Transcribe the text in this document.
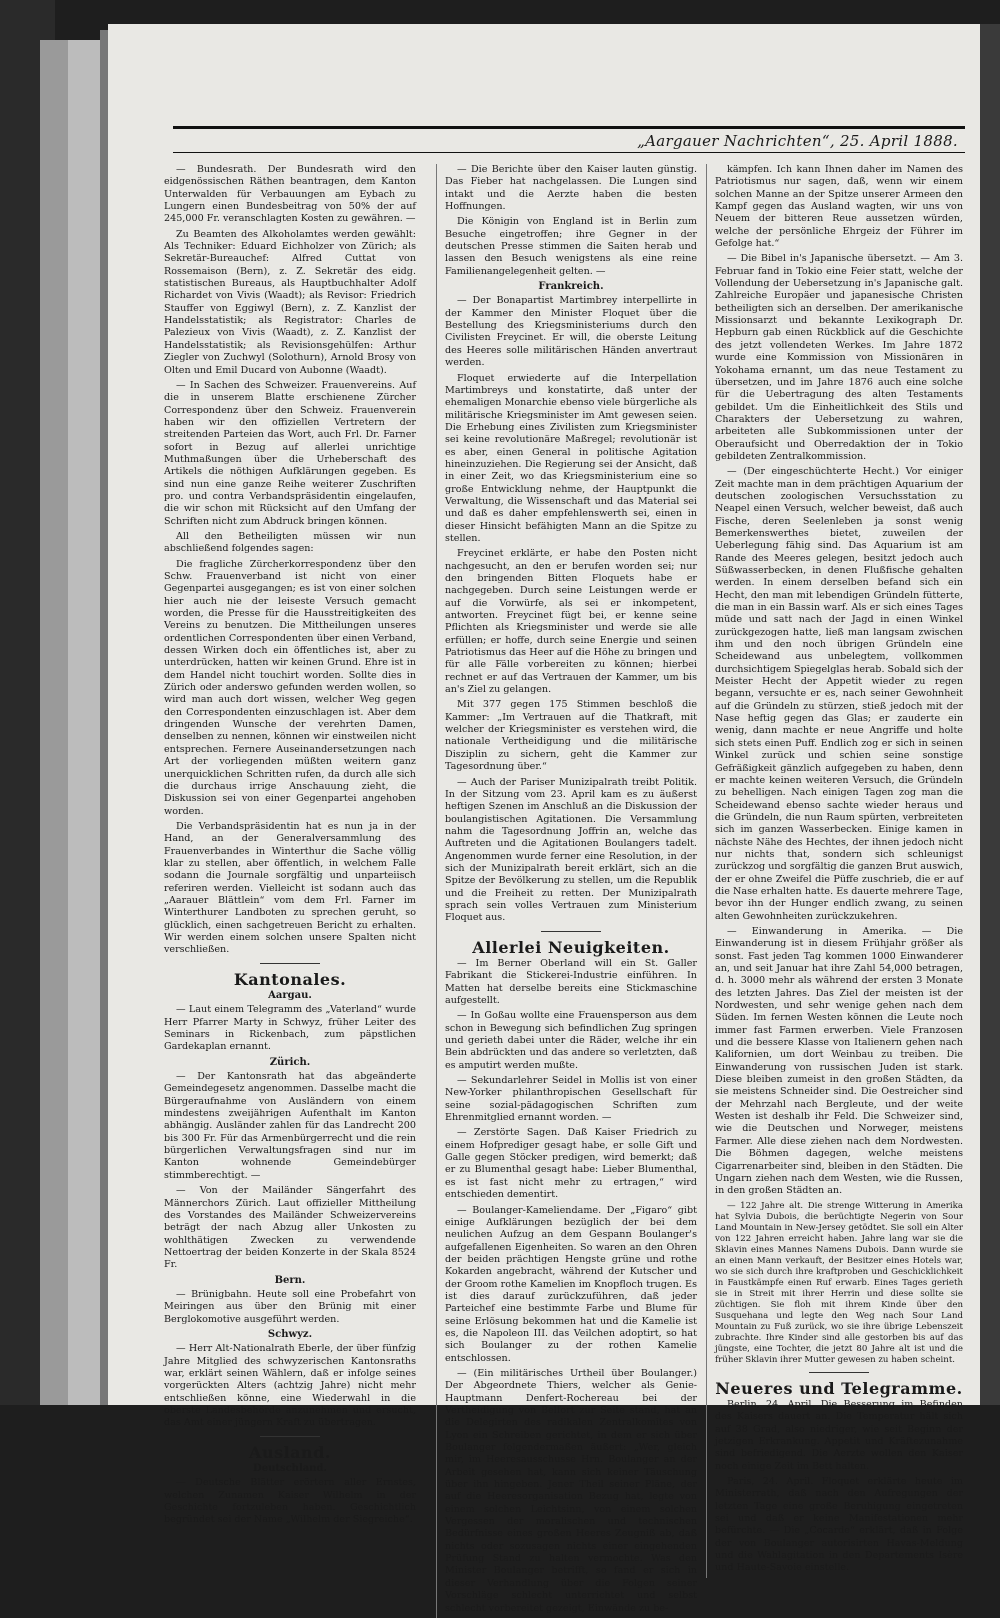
„Aargauer Nachrichten“, 25. April 1888.

— Bundesrath. Der Bundesrath wird den eidgenössischen Räthen beantragen, dem Kanton Unterwalden für Verbauungen am Eybach zu Lungern einen Bundesbeitrag von 50% der auf 245,000 Fr. veranschlagten Kosten zu gewähren. —

Zu Beamten des Alkoholamtes werden gewählt: Als Techniker: Eduard Eichholzer von Zürich; als Sekretär-Bureauchef: Alfred Cuttat von Rossemaison (Bern), z. Z. Sekretär des eidg. statistischen Bureaus, als Hauptbuchhalter Adolf Richardet von Vivis (Waadt); als Revisor: Friedrich Stauffer von Eggiwyl (Bern), z. Z. Kanzlist der Handelsstatistik; als Registrator: Charles de Palezieux von Vivis (Waadt), z. Z. Kanzlist der Handelsstatistik; als Revisionsgehülfen: Arthur Ziegler von Zuchwyl (Solothurn), Arnold Brosy von Olten und Emil Ducard von Aubonne (Waadt).

— In Sachen des Schweizer. Frauenvereins. Auf die in unserem Blatte erschienene Zürcher Correspondenz über den Schweiz. Frauenverein haben wir den offiziellen Vertretern der streitenden Parteien das Wort, auch Frl. Dr. Farner sofort in Bezug auf allerlei unrichtige Muthmaßungen über die Urheberschaft des Artikels die nöthigen Aufklärungen gegeben. Es sind nun eine ganze Reihe weiterer Zuschriften pro. und contra Verbandspräsidentin eingelaufen, die wir schon mit Rücksicht auf den Umfang der Schriften nicht zum Abdruck bringen können.

All den Betheiligten müssen wir nun abschließend folgendes sagen:

Die fragliche Zürcherkorrespondenz über den Schw. Frauenverband ist nicht von einer Gegenpartei ausgegangen; es ist von einer solchen hier auch nie der leiseste Versuch gemacht worden, die Presse für die Hausstreitigkeiten des Vereins zu benutzen. Die Mittheilungen unseres ordentlichen Correspondenten über einen Verband, dessen Wirken doch ein öffentliches ist, aber zu unterdrücken, hatten wir keinen Grund. Ehre ist in dem Handel nicht touchirt worden. Sollte dies in Zürich oder anderswo gefunden werden wollen, so wird man auch dort wissen, welcher Weg gegen den Correspondenten einzuschlagen ist. Aber dem dringenden Wunsche der verehrten Damen, denselben zu nennen, können wir einstweilen nicht entsprechen. Fernere Auseinandersetzungen nach Art der vorliegenden müßten weitern ganz unerquicklichen Schritten rufen, da durch alle sich die durchaus irrige Anschauung zieht, die Diskussion sei von einer Gegenpartei angehoben worden.

Die Verbandspräsidentin hat es nun ja in der Hand, an der Generalversammlung des Frauenverbandes in Winterthur die Sache völlig klar zu stellen, aber öffentlich, in welchem Falle sodann die Journale sorgfältig und unparteiisch referiren werden. Vielleicht ist sodann auch das „Aarauer Blättlein“ vom dem Frl. Farner im Winterthurer Landboten zu sprechen geruht, so glücklich, einen sachgetreuen Bericht zu erhalten. Wir werden einem solchen unsere Spalten nicht verschließen.

Kantonales.
Aargau.

— Laut einem Telegramm des „Vaterland“ wurde Herr Pfarrer Marty in Schwyz, früher Leiter des Seminars in Rickenbach, zum päpstlichen Gardekaplan ernannt.

Zürich.

— Der Kantonsrath hat das abgeänderte Gemeindegesetz angenommen. Dasselbe macht die Bürgeraufnahme von Ausländern von einem mindestens zweijährigen Aufenthalt im Kanton abhängig. Ausländer zahlen für das Landrecht 200 bis 300 Fr. Für das Armenbürgerrecht und die rein bürgerlichen Verwaltungsfragen sind nur im Kanton wohnende Gemeindebürger stimmberechtigt. —

— Von der Mailänder Sängerfahrt des Männerchors Zürich. Laut offizieller Mittheilung des Vorstandes des Mailänder Schweizervereins beträgt der nach Abzug aller Unkosten zu wohlthätigen Zwecken zu verwendende Nettoertrag der beiden Konzerte in der Skala 8524 Fr.

Bern.

— Brünigbahn. Heute soll eine Probefahrt von Meiringen aus über den Brünig mit einer Berglokomotive ausgeführt werden.

Schwyz.

— Herr Alt-Nationalrath Eberle, der über fünfzig Jahre Mitglied des schwyzerischen Kantonsraths war, erklärt seinen Wählern, daß er infolge seines vorgerückten Alters (achtzig Jahre) nicht mehr entschließen könne, eine Wiederwahl in die oberste Landesbehörde anzunehmen und ersucht, das Amt einer jüngern Kraft zu übertragen.

Ausland.
Deutschland.

— Deutsche Blätter erörtern aller Ernstes, welchen Zunamen Kaiser Wilhelm in der Geschichte fortzuleben haben. Geschichtlich begründet sei der Name „Wilhelm der Siegreiche“.

— Die Berichte über den Kaiser lauten günstig. Das Fieber hat nachgelassen. Die Lungen sind intakt und die Aerzte haben die besten Hoffnungen.

Die Königin von England ist in Berlin zum Besuche eingetroffen; ihre Gegner in der deutschen Presse stimmen die Saiten herab und lassen den Besuch wenigstens als eine reine Familienangelegenheit gelten. —

Frankreich.

— Der Bonapartist Martimbrey interpellirte in der Kammer den Minister Floquet über die Bestellung des Kriegsministeriums durch den Civilisten Freycinet. Er will, die oberste Leitung des Heeres solle militärischen Händen anvertraut werden.

Floquet erwiederte auf die Interpellation Martimbreys und konstatirte, daß unter der ehemaligen Monarchie ebenso viele bürgerliche als militärische Kriegsminister im Amt gewesen seien. Die Erhebung eines Zivilisten zum Kriegsminister sei keine revolutionäre Maßregel; revolutionär ist es aber, einen General in politische Agitation hineinzuziehen. Die Regierung sei der Ansicht, daß in einer Zeit, wo das Kriegsministerium eine so große Entwicklung nehme, der Hauptpunkt die Verwaltung, die Wissenschaft und das Material sei und daß es daher empfehlenswerth sei, einen in dieser Hinsicht befähigten Mann an die Spitze zu stellen.

Freycinet erklärte, er habe den Posten nicht nachgesucht, an den er berufen worden sei; nur den bringenden Bitten Floquets habe er nachgegeben. Durch seine Leistungen werde er auf die Vorwürfe, als sei er inkompetent, antworten. Freycinet fügt bei, er kenne seine Pflichten als Kriegsminister und werde sie alle erfüllen; er hoffe, durch seine Energie und seinen Patriotismus das Heer auf die Höhe zu bringen und für alle Fälle vorbereiten zu können; hierbei rechnet er auf das Vertrauen der Kammer, um bis an's Ziel zu gelangen.

Mit 377 gegen 175 Stimmen beschloß die Kammer: „Im Vertrauen auf die Thatkraft, mit welcher der Kriegsminister es verstehen wird, die nationale Vertheidigung und die militärische Disziplin zu sichern, geht die Kammer zur Tagesordnung über.“

— Auch der Pariser Munizipalrath treibt Politik. In der Sitzung vom 23. April kam es zu äußerst heftigen Szenen im Anschluß an die Diskussion der boulangistischen Agitationen. Die Versammlung nahm die Tagesordnung Joffrin an, welche das Auftreten und die Agitationen Boulangers tadelt. Angenommen wurde ferner eine Resolution, in der sich der Munizipalrath bereit erklärt, sich an die Spitze der Bevölkerung zu stellen, um die Republik und die Freiheit zu retten. Der Munizipalrath sprach sein volles Vertrauen zum Ministerium Floquet aus.

Allerlei Neuigkeiten.

— Im Berner Oberland will ein St. Galler Fabrikant die Stickerei-Industrie einführen. In Matten hat derselbe bereits eine Stickmaschine aufgestellt.

— In Goßau wollte eine Frauensperson aus dem schon in Bewegung sich befindlichen Zug springen und gerieth dabei unter die Räder, welche ihr ein Bein abdrückten und das andere so verletzten, daß es amputirt werden mußte.

— Sekundarlehrer Seidel in Mollis ist von einer New-Yorker philanthropischen Gesellschaft für seine sozial-pädagogischen Schriften zum Ehrenmitglied ernannt worden. —

— Zerstörte Sagen. Daß Kaiser Friedrich zu einem Hofprediger gesagt habe, er solle Gift und Galle gegen Stöcker predigen, wird bemerkt; daß er zu Blumenthal gesagt habe: Lieber Blumenthal, es ist fast nicht mehr zu ertragen,“ wird entschieden dementirt.

— Boulanger-Kameliendame. Der „Figaro“ gibt einige Aufklärungen bezüglich der bei dem neulichen Aufzug an dem Gespann Boulanger's aufgefallenen Eigenheiten. So waren an den Ohren der beiden prächtigen Hengste grüne und rothe Kokarden angebracht, während der Kutscher und der Groom rothe Kamelien im Knopfloch trugen. Es ist dies darauf zurückzuführen, daß jeder Parteichef eine bestimmte Farbe und Blume für seine Erlösung bekommen hat und die Kamelie ist es, die Napoleon III. das Veilchen adoptirt, so hat sich Boulanger zu der rothen Kamelie entschlossen.

— (Ein militärisches Urtheil über Boulanger.) Der Abgeordnete Thiers, welcher als Genie-Hauptmann Denfert-Rochereau bei der Vertheidigung von Belfort zur Seite stand, hat an die Delegirten des radikalen Zentralkomites von Lyon ein Schreiben gerichtet, in dem er sich über Boulanger folgendermaßen äußert: „Wer, gleich mir, im Heeresausschusse Hrn. Boulanger an der Arbeit gesehen hat, kann sich keiner Täuschung über ihn hingeben. Jener Theil seiner Pläne, der auf die Heeresorganisation Bezug hat, legte von einem solchen Leichtsinn, von einem solchen Vergessen der moralischen und technischen Bedürfnisse eines großen Heeres Zeugniß ab, daß nichts oder sozusagen nichts einer eingehenden Prüfung Stand zu halten vermochte. Was den Minister Boulanger betrifft, so fand er sich in dieser Verhandlung über die Folgen seiner Vorschläge schlecht unterrichtet und selbst schlecht vorbereitet gezeigt, Einwände zu be-

kämpfen. Ich kann Ihnen daher im Namen des Patriotismus nur sagen, daß, wenn wir einem solchen Manne an der Spitze unserer Armeen den Kampf gegen das Ausland wagten, wir uns von Neuem der bitteren Reue aussetzen würden, welche der persönliche Ehrgeiz der Führer im Gefolge hat.“

— Die Bibel in's Japanische übersetzt. — Am 3. Februar fand in Tokio eine Feier statt, welche der Vollendung der Uebersetzung in's Japanische galt. Zahlreiche Europäer und japanesische Christen betheiligten sich an derselben. Der amerikanische Missionsarzt und bekannte Lexikograph Dr. Hepburn gab einen Rückblick auf die Geschichte des jetzt vollendeten Werkes. Im Jahre 1872 wurde eine Kommission von Missionären in Yokohama ernannt, um das neue Testament zu übersetzen, und im Jahre 1876 auch eine solche für die Uebertragung des alten Testaments gebildet. Um die Einheitlichkeit des Stils und Charakters der Uebersetzung zu wahren, arbeiteten alle Subkommissionen unter der Oberaufsicht und Oberredaktion der in Tokio gebildeten Zentralkommission.

— (Der eingeschüchterte Hecht.) Vor einiger Zeit machte man in dem prächtigen Aquarium der deutschen zoologischen Versuchsstation zu Neapel einen Versuch, welcher beweist, daß auch Fische, deren Seelenleben ja sonst wenig Bemerkenswerthes bietet, zuweilen der Ueberlegung fähig sind. Das Aquarium ist am Rande des Meeres gelegen, besitzt jedoch auch Süßwasserbecken, in denen Flußfische gehalten werden. In einem derselben befand sich ein Hecht, den man mit lebendigen Gründeln fütterte, die man in ein Bassin warf. Als er sich eines Tages müde und satt nach der Jagd in einen Winkel zurückgezogen hatte, ließ man langsam zwischen ihm und den noch übrigen Gründeln eine Scheidewand aus unbelegtem, vollkommen durchsichtigem Spiegelglas herab. Sobald sich der Meister Hecht der Appetit wieder zu regen begann, versuchte er es, nach seiner Gewohnheit auf die Gründeln zu stürzen, stieß jedoch mit der Nase heftig gegen das Glas; er zauderte ein wenig, dann machte er neue Angriffe und holte sich stets einen Puff. Endlich zog er sich in seinen Winkel zurück und schien seine sonstige Gefräßigkeit gänzlich aufgegeben zu haben, denn er machte keinen weiteren Versuch, die Gründeln zu behelligen. Nach einigen Tagen zog man die Scheidewand ebenso sachte wieder heraus und die Gründeln, die nun Raum spürten, verbreiteten sich im ganzen Wasserbecken. Einige kamen in nächste Nähe des Hechtes, der ihnen jedoch nicht nur nichts that, sondern sich schleunigst zurückzog und sorgfältig die ganzen Brut auswich, der er ohne Zweifel die Püffe zuschrieb, die er auf die Nase erhalten hatte. Es dauerte mehrere Tage, bevor ihn der Hunger endlich zwang, zu seinen alten Gewohnheiten zurückzukehren.

— Einwanderung in Amerika. — Die Einwanderung ist in diesem Frühjahr größer als sonst. Fast jeden Tag kommen 1000 Einwanderer an, und seit Januar hat ihre Zahl 54,000 betragen, d. h. 3000 mehr als während der ersten 3 Monate des letzten Jahres. Das Ziel der meisten ist der Nordwesten, und sehr wenige gehen nach dem Süden. Im fernen Westen können die Leute noch immer fast Farmen erwerben. Viele Franzosen und die bessere Klasse von Italienern gehen nach Kalifornien, um dort Weinbau zu treiben. Die Einwanderung von russischen Juden ist stark. Diese bleiben zumeist in den großen Städten, da sie meistens Schneider sind. Die Oestreicher sind der Mehrzahl nach Bergleute, und der weite Westen ist deshalb ihr Feld. Die Schweizer sind, wie die Deutschen und Norweger, meistens Farmer. Alle diese ziehen nach dem Nordwesten. Die Böhmen dagegen, welche meistens Cigarrenarbeiter sind, bleiben in den Städten. Die Ungarn ziehen nach dem Westen, wie die Russen, in den großen Städten an.

— 122 Jahre alt. Die strenge Witterung in Amerika hat Sylvia Dubois, die berüchtigte Negerin von Sour Land Mountain in New-Jersey getödtet. Sie soll ein Alter von 122 Jahren erreicht haben. Jahre lang war sie die Sklavin eines Mannes Namens Dubois. Dann wurde sie an einen Mann verkauft, der Besitzer eines Hotels war, wo sie sich durch ihre kraftproben und Geschicklichkeit in Faustkämpfe einen Ruf erwarb. Eines Tages gerieth sie in Streit mit ihrer Herrin und diese sollte sie züchtigen. Sie floh mit ihrem Kinde über den Susquehana und legte den Weg nach Sour Land Mountain zu Fuß zurück, wo sie ihre übrige Lebenszeit zubrachte. Ihre Kinder sind alle gestorben bis auf das jüngste, eine Tochter, die jetzt 80 Jahre alt ist und die früher Sklavin ihrer Mutter gewesen zu haben scheint.

Neueres und Telegramme.

Berlin, 24. April. Die Besserung im Befinden des Kaisers dauert an. Die Temperatur hält sich auf 38 Grad, also niedriger, wie seit Beginn der jetzigen Erkrankung. Appetit und Kräftezunahme sind befriedigend. Die Aerzte wollen den Kaiser noch einige Zeit im Bett halten.

Paris, 24. April. Floquet erklärte heute im Ministerrath, daß nach den Aufregungen der letzten Tage eine große Beruhigung eingetreten sei und daß er keine Manifestationen mehr befürchte. — Die „Cocarde“ erklärt, daß in Folge der von Boulanger autorisirten Havas-Meldung und die Wahlagitation in den Departements Isère und Haute-Savoie einstelle.
